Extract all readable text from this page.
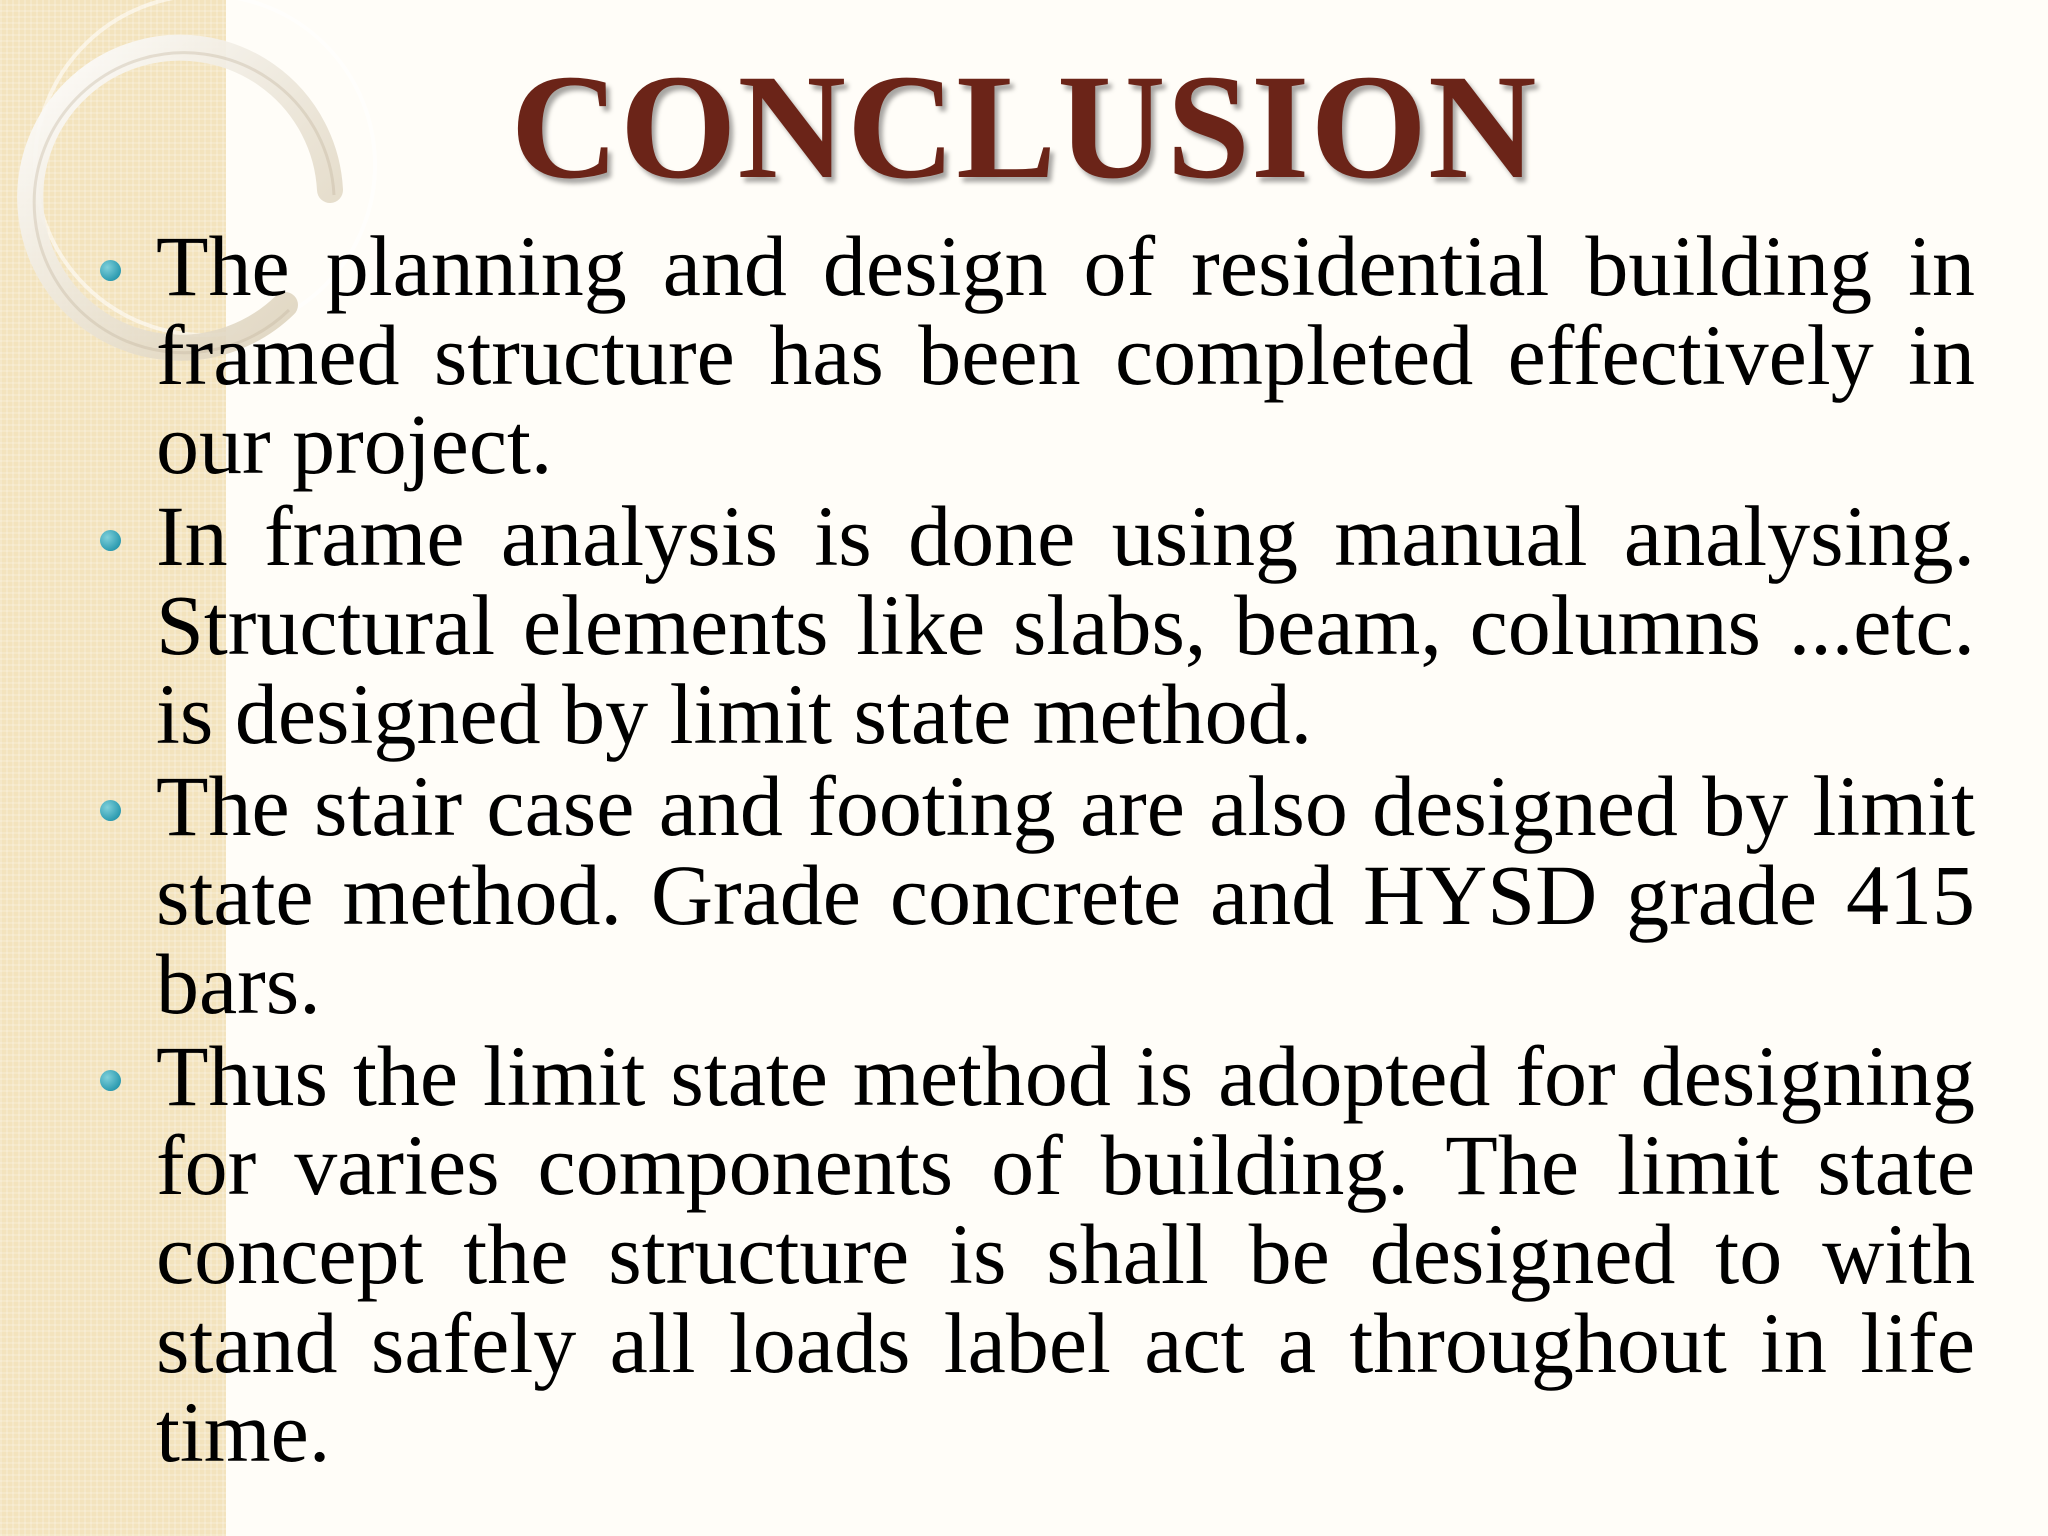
CONCLUSION
The planning and design of residential building in framed structure has been completed effectively in our project.
In frame analysis is done using manual analysing. Structural elements like slabs, beam, columns ...etc. is designed by limit state method.
The stair case and footing are also designed by limit state method. Grade concrete and HYSD grade 415 bars.
Thus the limit state method is adopted for designing for varies components of building. The limit state concept the structure is shall be designed to with stand safely all loads label act a throughout in life time.
